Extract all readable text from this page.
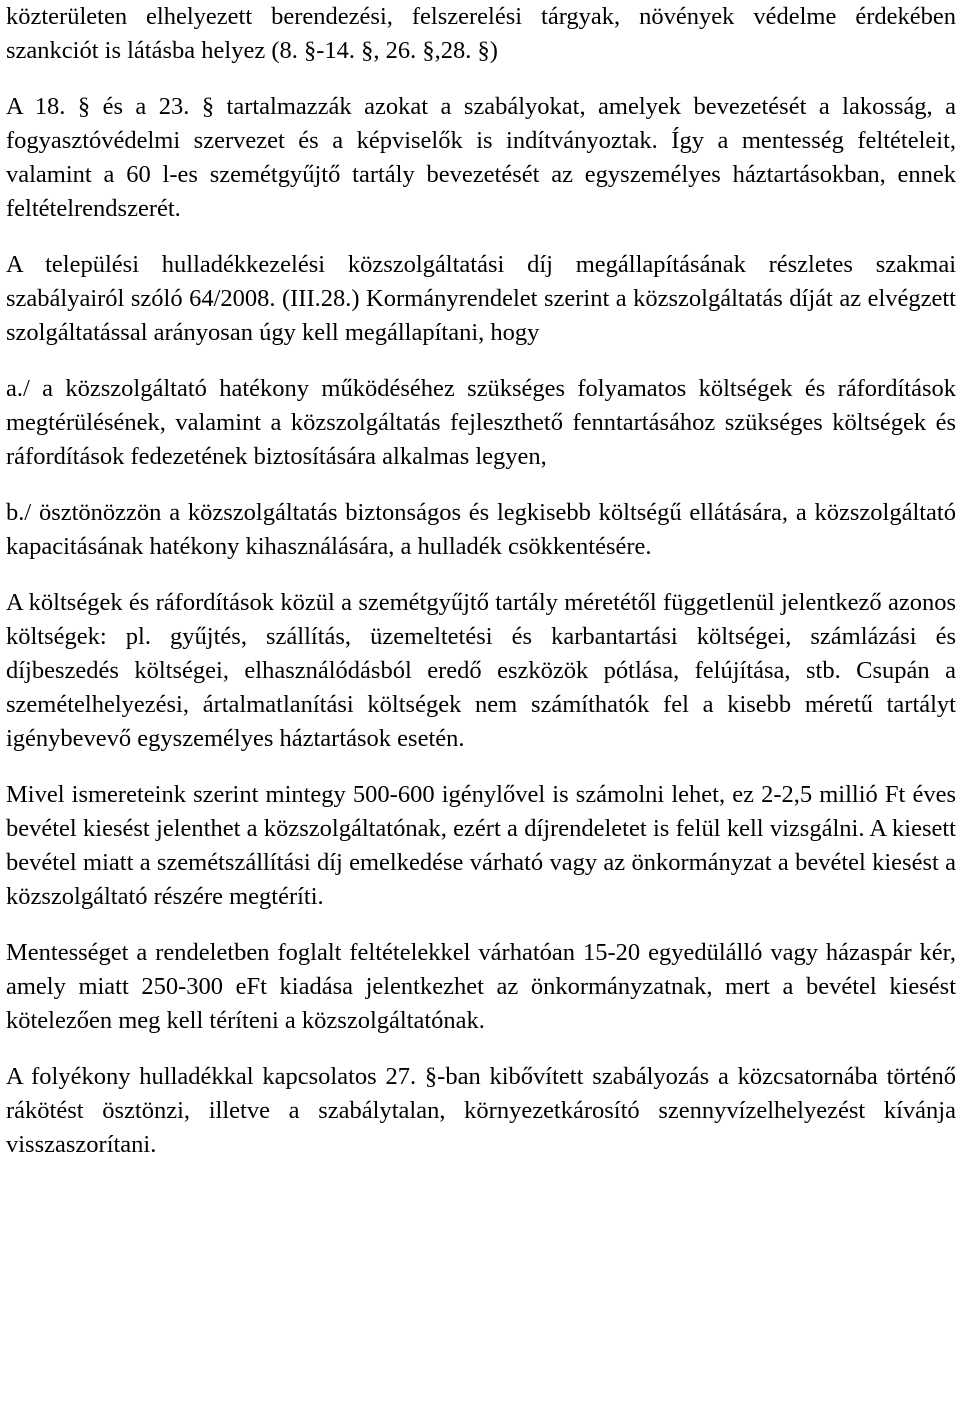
közterületen elhelyezett berendezési, felszerelési tárgyak, növények védelme érdekében szankciót is látásba helyez (8. §-14. §, 26. §,28. §)

A 18. § és a 23. § tartalmazzák azokat a szabályokat, amelyek bevezetését a lakosság, a fogyasztóvédelmi szervezet és a képviselők is indítványoztak. Így a mentesség feltételeit, valamint a 60 l-es szemétgyűjtő tartály bevezetését az egyszemélyes háztartásokban, ennek feltételrendszerét.

A települési hulladékkezelési közszolgáltatási díj megállapításának részletes szakmai szabályairól szóló 64/2008. (III.28.) Kormányrendelet szerint a közszolgáltatás díját az elvégzett szolgáltatással arányosan úgy kell megállapítani, hogy

a./ a közszolgáltató hatékony működéséhez szükséges folyamatos költségek és ráfordítások megtérülésének, valamint a közszolgáltatás fejleszthető fenntartásához szükséges költségek és ráfordítások fedezetének biztosítására alkalmas legyen,

b./ ösztönözzön a közszolgáltatás biztonságos és legkisebb költségű ellátására, a közszolgáltató kapacitásának hatékony kihasználására, a hulladék csökkentésére.

A költségek és ráfordítások közül a szemétgyűjtő tartály méretétől függetlenül jelentkező azonos költségek: pl. gyűjtés, szállítás, üzemeltetési és karbantartási költségei, számlázási és díjbeszedés költségei, elhasználódásból eredő eszközök pótlása, felújítása, stb. Csupán a szemételhelyezési, ártalmatlanítási költségek nem számíthatók fel a kisebb méretű tartályt igénybevevő egyszemélyes háztartások esetén.

Mivel ismereteink szerint mintegy 500-600 igénylővel is számolni lehet, ez 2-2,5 millió Ft éves bevétel kiesést jelenthet a közszolgáltatónak, ezért a díjrendeletet is felül kell vizsgálni. A kiesett bevétel miatt a szemétszállítási díj emelkedése várható vagy az önkormányzat a bevétel kiesést a közszolgáltató részére megtéríti.

Mentességet a rendeletben foglalt feltételekkel várhatóan 15-20 egyedülálló vagy házaspár kér, amely miatt 250-300 eFt kiadása jelentkezhet az önkormányzatnak, mert a bevétel kiesést kötelezően meg kell téríteni a közszolgáltatónak.

A folyékony hulladékkal kapcsolatos 27. §-ban kibővített szabályozás a közcsatornába történő rákötést ösztönzi, illetve a szabálytalan, környezetkárosító szennyvízelhelyezést kívánja visszaszorítani.
